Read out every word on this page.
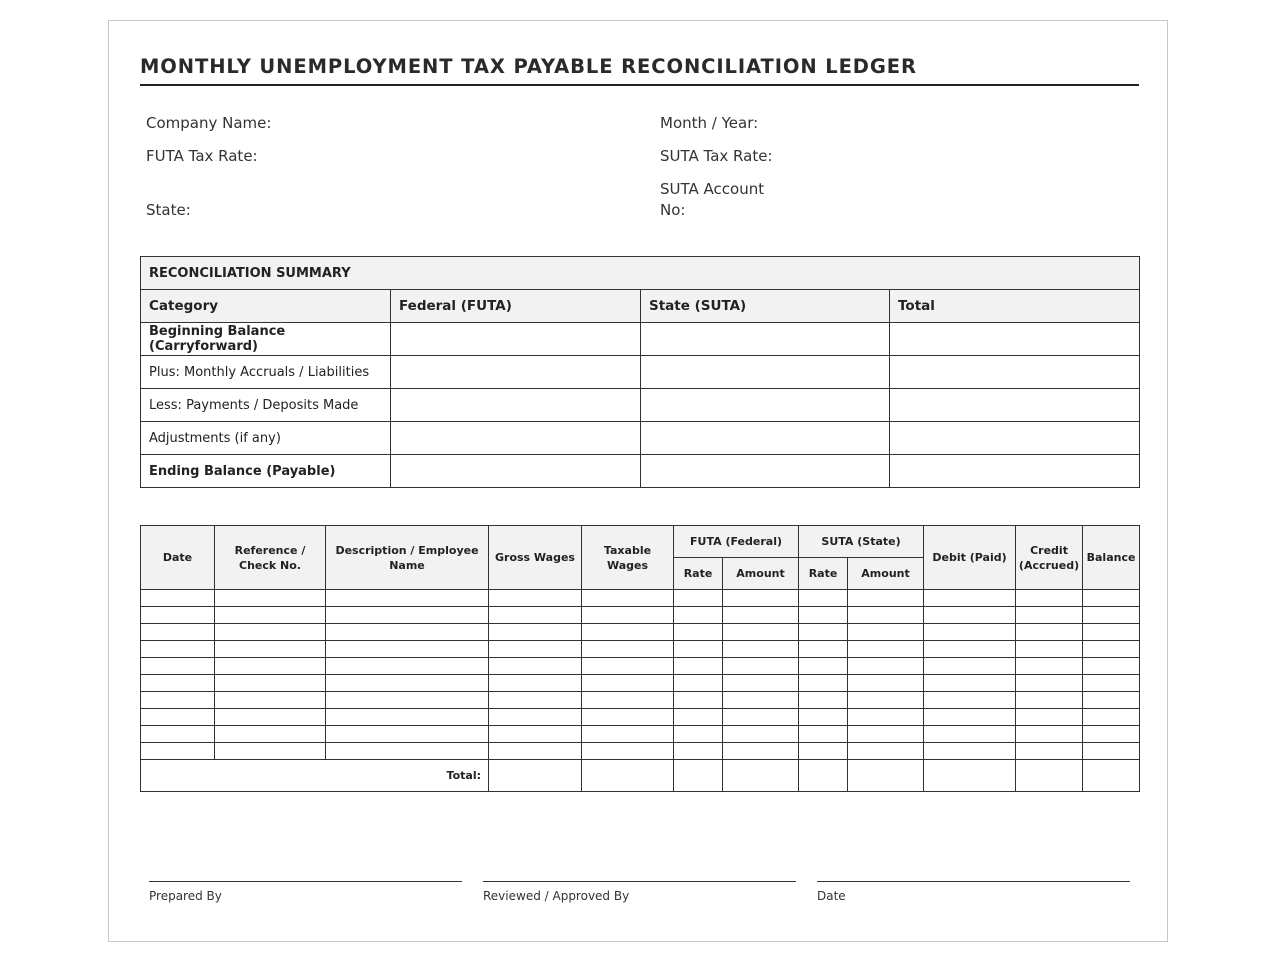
MONTHLY UNEMPLOYMENT TAX PAYABLE RECONCILIATION LEDGER
Company Name:
FUTA Tax Rate:
State:
Month / Year:
SUTA Tax Rate:
SUTA Account No:
RECONCILIATION SUMMARY			
Category	Federal (FUTA)	State (SUTA)	Total
Beginning Balance (Carryforward)			
Plus: Monthly Accruals / Liabilities			
Less: Payments / Deposits Made			
Adjustments (if any)			
Ending Balance (Payable)			
Date	Reference / Check No.	Description / Employee Name	Gross Wages	Taxable Wages	FUTA (Federal)		SUTA (State)		Debit (Paid)	Credit (Accrued)	Balance
					Rate	Amount	Rate	Amount			

Total:											
Prepared By	Reviewed / Approved By	Date
